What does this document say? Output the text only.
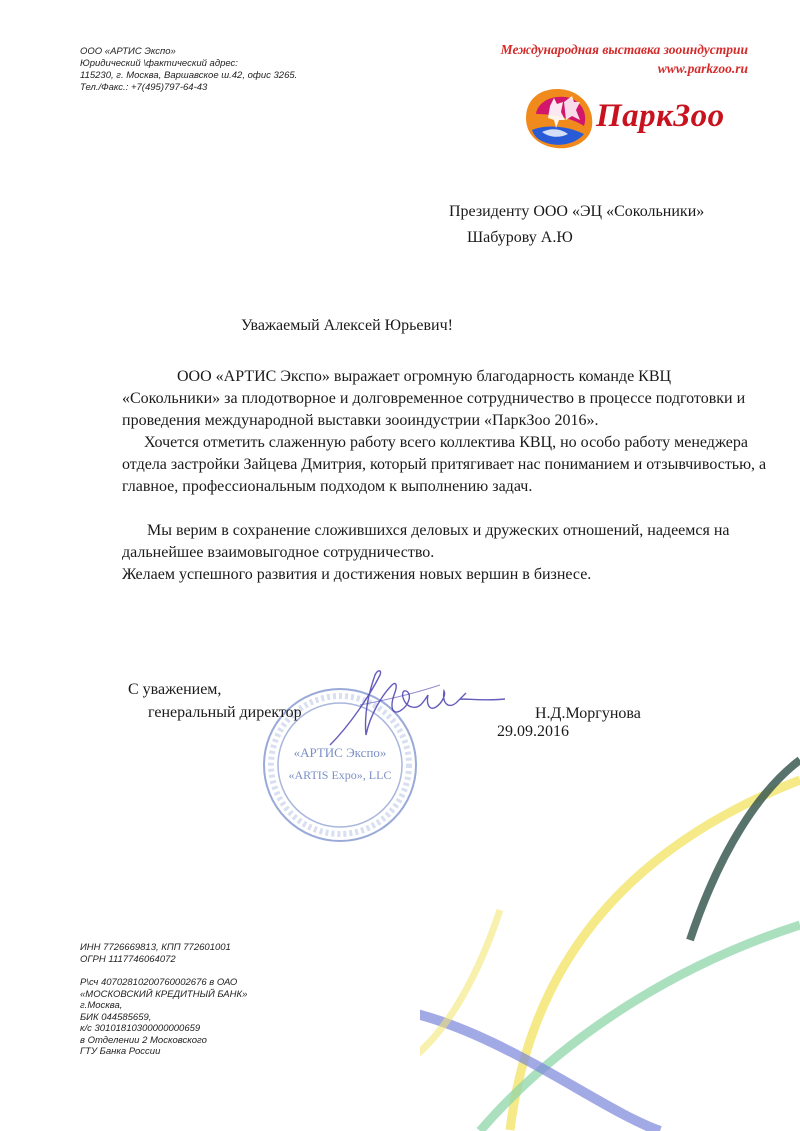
ООО «АРТИС Экспо»
Юридический \фактический адрес:
115230, г. Москва, Варшавское ш.42, офис 3265.
Тел./Факс.: +7(495)797-64-43
Международная выставка зооиндустрии
www.parkzoo.ru
ПаркЗоо
Президенту ООО «ЭЦ «Сокольники»
Шабурову А.Ю
Уважаемый Алексей Юрьевич!

ООО «АРТИС Экспо» выражает огромную благодарность команде КВЦ «Сокольники» за плодотворное и долговременное сотрудничество в процессе подготовки и проведения международной выставки зооиндустрии «ПаркЗоо 2016».

Хочется отметить слаженную работу всего коллектива КВЦ, но особо работу менеджера отдела застройки Зайцева Дмитрия, который притягивает нас пониманием и отзывчивостью, а главное, профессиональным подходом к выполнению задач.

Мы верим в сохранение сложившихся деловых и дружеских отношений, надеемся на дальнейшее взаимовыгодное сотрудничество.

Желаем успешного развития и достижения новых вершин в бизнесе.

«АРТИС Экспо»
«ARTIS Expo», LLC
С уважением,
генеральный директор	Н.Д.Моргунова
29.09.2016
ИНН 7726669813, КПП 772601001
ОГРН 1117746064072
Р\сч 40702810200760002676 в ОАО
«МОСКОВСКИЙ КРЕДИТНЫЙ БАНК»
г.Москва,
БИК 044585659,
к/с 30101810300000000659
в Отделении 2 Московского
ГТУ Банка России
